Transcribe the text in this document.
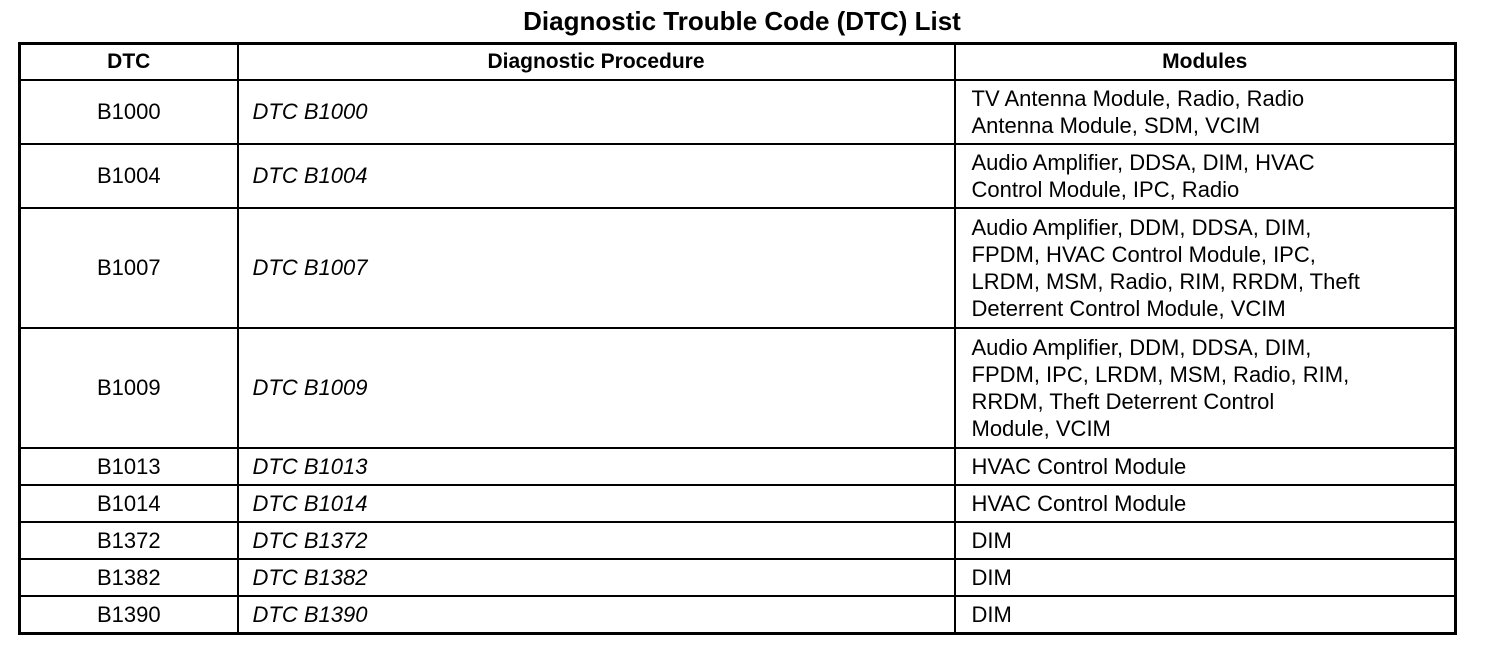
Diagnostic Trouble Code (DTC) List
DTC	Diagnostic Procedure	Modules
B1000	DTC B1000	TV Antenna Module, Radio, Radio
Antenna Module, SDM, VCIM

B1004	DTC B1004	Audio Amplifier, DDSA, DIM, HVAC
Control Module, IPC, Radio

B1007	DTC B1007	Audio Amplifier, DDM, DDSA, DIM,
FPDM, HVAC Control Module, IPC,
LRDM, MSM, Radio, RIM, RRDM, Theft
Deterrent Control Module, VCIM

B1009	DTC B1009	Audio Amplifier, DDM, DDSA, DIM,
FPDM, IPC, LRDM, MSM, Radio, RIM,
RRDM, Theft Deterrent Control
Module, VCIM

B1013	DTC B1013	HVAC Control Module

B1014	DTC B1014	HVAC Control Module

B1372	DTC B1372	DIM

B1382	DTC B1382	DIM

B1390	DTC B1390	DIM
